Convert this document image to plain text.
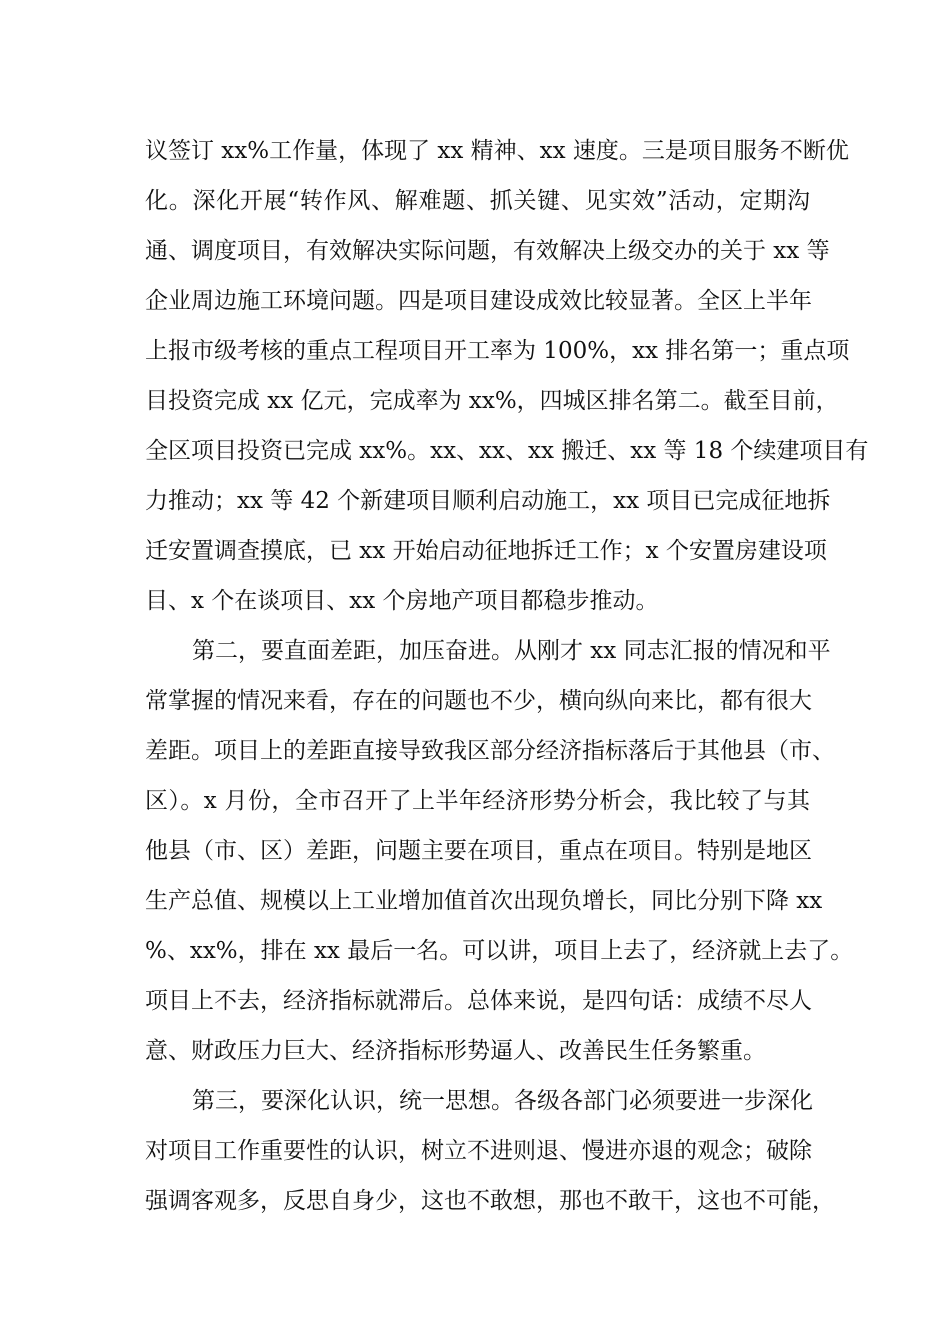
议签订 xx%工作量，体现了 xx 精神、xx 速度。三是项目服务不断优
化。深化开展“转作风、解难题、抓关键、见实效”活动，定期沟
通、调度项目，有效解决实际问题，有效解决上级交办的关于 xx 等
企业周边施工环境问题。四是项目建设成效比较显著。全区上半年
上报市级考核的重点工程项目开工率为 100%，xx 排名第一；重点项
目投资完成 xx 亿元，完成率为 xx%，四城区排名第二。截至目前，
全区项目投资已完成 xx%。xx、xx、xx 搬迁、xx 等 18 个续建项目有
力推动；xx 等 42 个新建项目顺利启动施工，xx 项目已完成征地拆
迁安置调查摸底，已 xx 开始启动征地拆迁工作；x 个安置房建设项
目、x 个在谈项目、xx 个房地产项目都稳步推动。
第二，要直面差距，加压奋进。从刚才 xx 同志汇报的情况和平
常掌握的情况来看，存在的问题也不少，横向纵向来比，都有很大
差距。项目上的差距直接导致我区部分经济指标落后于其他县（市、
区）。x 月份，全市召开了上半年经济形势分析会，我比较了与其
他县（市、区）差距，问题主要在项目，重点在项目。特别是地区
生产总值、规模以上工业增加值首次出现负增长，同比分别下降 xx
%、xx%，排在 xx 最后一名。可以讲，项目上去了，经济就上去了。
项目上不去，经济指标就滞后。总体来说，是四句话：成绩不尽人
意、财政压力巨大、经济指标形势逼人、改善民生任务繁重。
第三，要深化认识，统一思想。各级各部门必须要进一步深化
对项目工作重要性的认识，树立不进则退、慢进亦退的观念；破除
强调客观多，反思自身少，这也不敢想，那也不敢干，这也不可能，
